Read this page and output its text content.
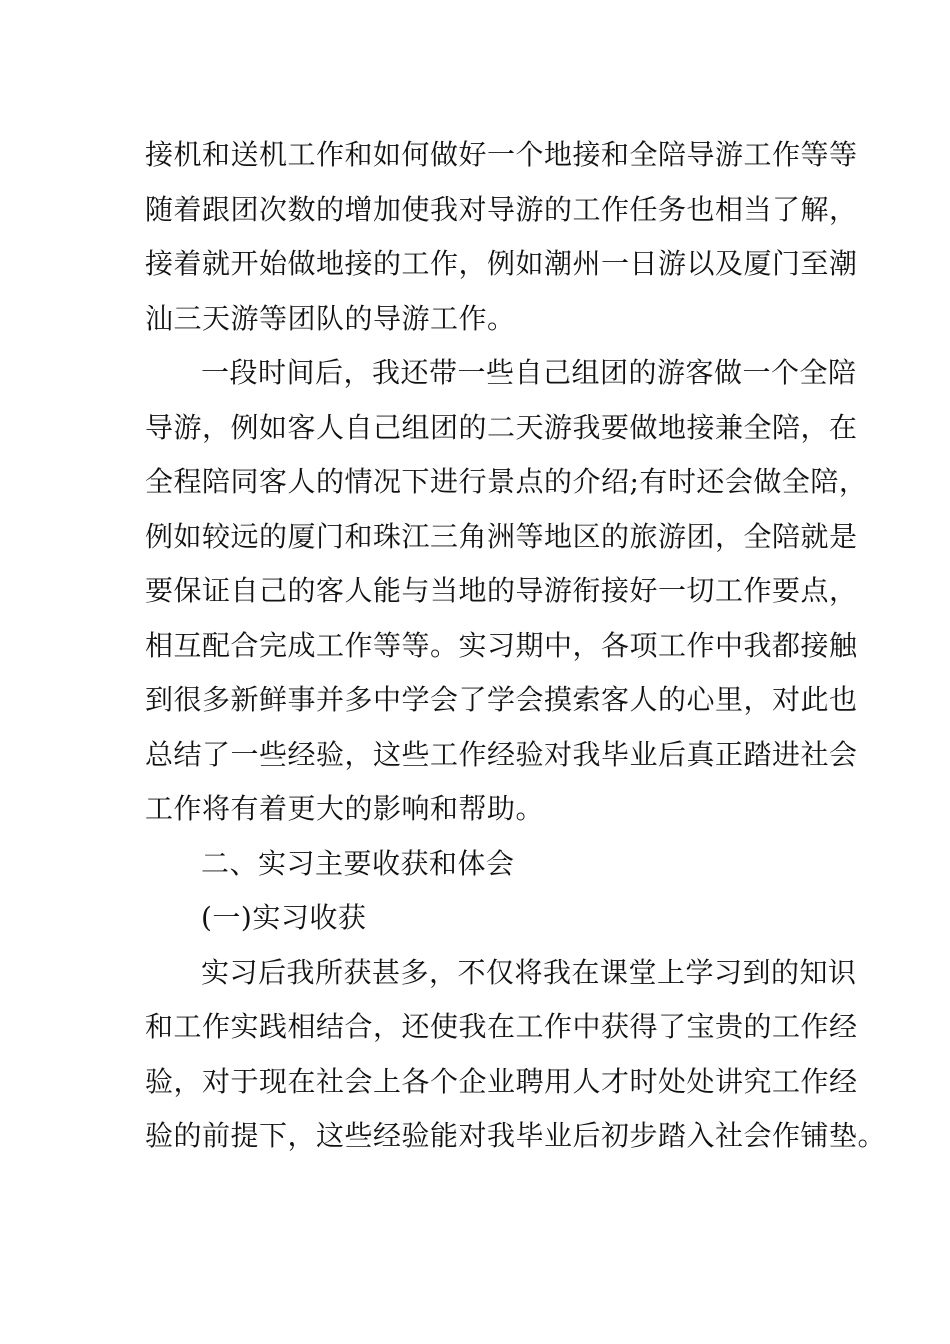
接机和送机工作和如何做好一个地接和全陪导游工作等等
随着跟团次数的增加使我对导游的工作任务也相当了解，
接着就开始做地接的工作，例如潮州一日游以及厦门至潮
汕三天游等团队的导游工作。
一段时间后，我还带一些自己组团的游客做一个全陪
导游，例如客人自己组团的二天游我要做地接兼全陪，在
全程陪同客人的情况下进行景点的介绍;有时还会做全陪，
例如较远的厦门和珠江三角洲等地区的旅游团，全陪就是
要保证自己的客人能与当地的导游衔接好一切工作要点，
相互配合完成工作等等。实习期中，各项工作中我都接触
到很多新鲜事并多中学会了学会摸索客人的心里，对此也
总结了一些经验，这些工作经验对我毕业后真正踏进社会
工作将有着更大的影响和帮助。
二、实习主要收获和体会
(一)实习收获
实习后我所获甚多，不仅将我在课堂上学习到的知识
和工作实践相结合，还使我在工作中获得了宝贵的工作经
验，对于现在社会上各个企业聘用人才时处处讲究工作经
验的前提下，这些经验能对我毕业后初步踏入社会作铺垫。
